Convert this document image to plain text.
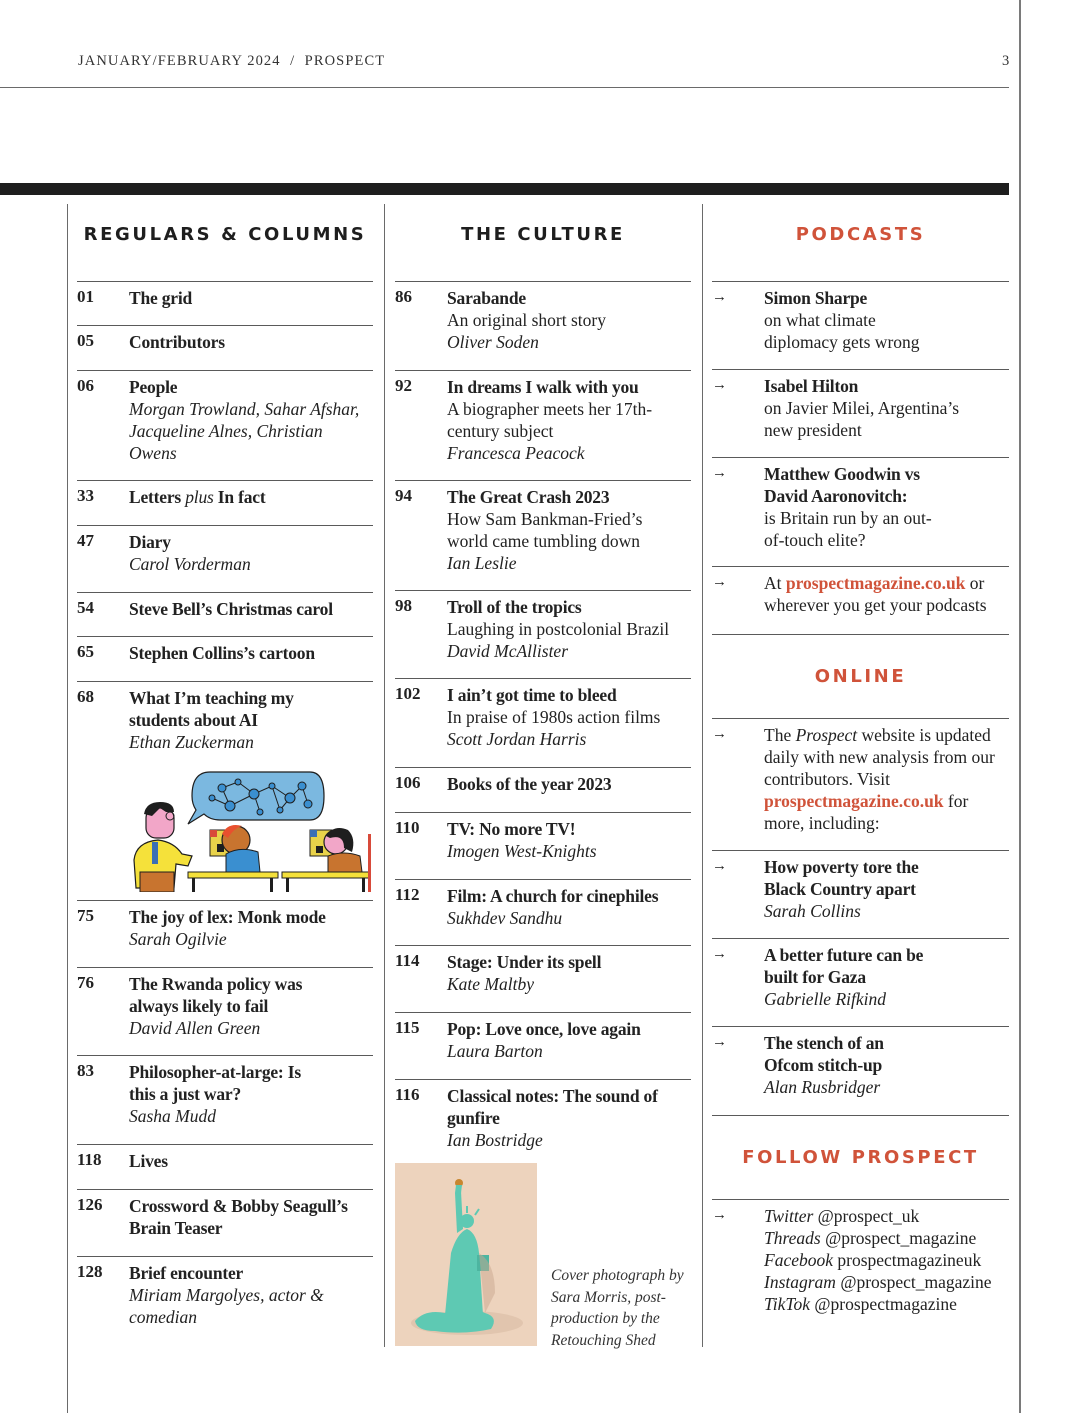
JANUARY/FEBRUARY 2024  /  PROSPECT	3
REGULARS & COLUMNS
01 The grid
05 Contributors
06 People
Morgan Trowland, Sahar Afshar, Jacqueline Alnes, Christian Owens
33 Letters plus In fact
47 Diary
Carol Vorderman
54 Steve Bell’s Christmas carol
65 Stephen Collins’s cartoon
68 What I’m teaching my students about AI
Ethan Zuckerman
75 The joy of lex: Monk mode
Sarah Ogilvie
76 The Rwanda policy was always likely to fail
David Allen Green
83 Philosopher-at-large: Is this a just war?
Sasha Mudd
118 Lives
126 Crossword & Bobby Seagull’s Brain Teaser
128 Brief encounter
Miriam Margolyes, actor & comedian
THE CULTURE
86 Sarabande
An original short story
Oliver Soden
92 In dreams I walk with you
A biographer meets her 17th-century subject
Francesca Peacock
94 The Great Crash 2023
How Sam Bankman-Fried’s world came tumbling down
Ian Leslie
98 Troll of the tropics
Laughing in postcolonial Brazil
David McAllister
102 I ain’t got time to bleed
In praise of 1980s action films
Scott Jordan Harris
106 Books of the year 2023
110 TV: No more TV!
Imogen West-Knights
112 Film: A church for cinephiles
Sukhdev Sandhu
114 Stage: Under its spell
Kate Maltby
115 Pop: Love once, love again
Laura Barton
116 Classical notes: The sound of gunfire
Ian Bostridge
Cover photograph by Sara Morris, post-production by the Retouching Shed
PODCASTS
→ Simon Sharpe
on what climate diplomacy gets wrong
→ Isabel Hilton
on Javier Milei, Argentina’s new president
→ Matthew Goodwin vs David Aaronovitch:
is Britain run by an out-of-touch elite?
→ At prospectmagazine.co.uk or wherever you get your podcasts
ONLINE
→ The Prospect website is updated daily with new analysis from our contributors. Visit prospectmagazine.co.uk for more, including:
→ How poverty tore the Black Country apart
Sarah Collins
→ A better future can be built for Gaza
Gabrielle Rifkind
→ The stench of an Ofcom stitch-up
Alan Rusbridger
FOLLOW PROSPECT
→ Twitter @prospect_uk
Threads @prospect_magazine
Facebook prospectmagazineuk
Instagram @prospect_magazine
TikTok @prospectmagazine
